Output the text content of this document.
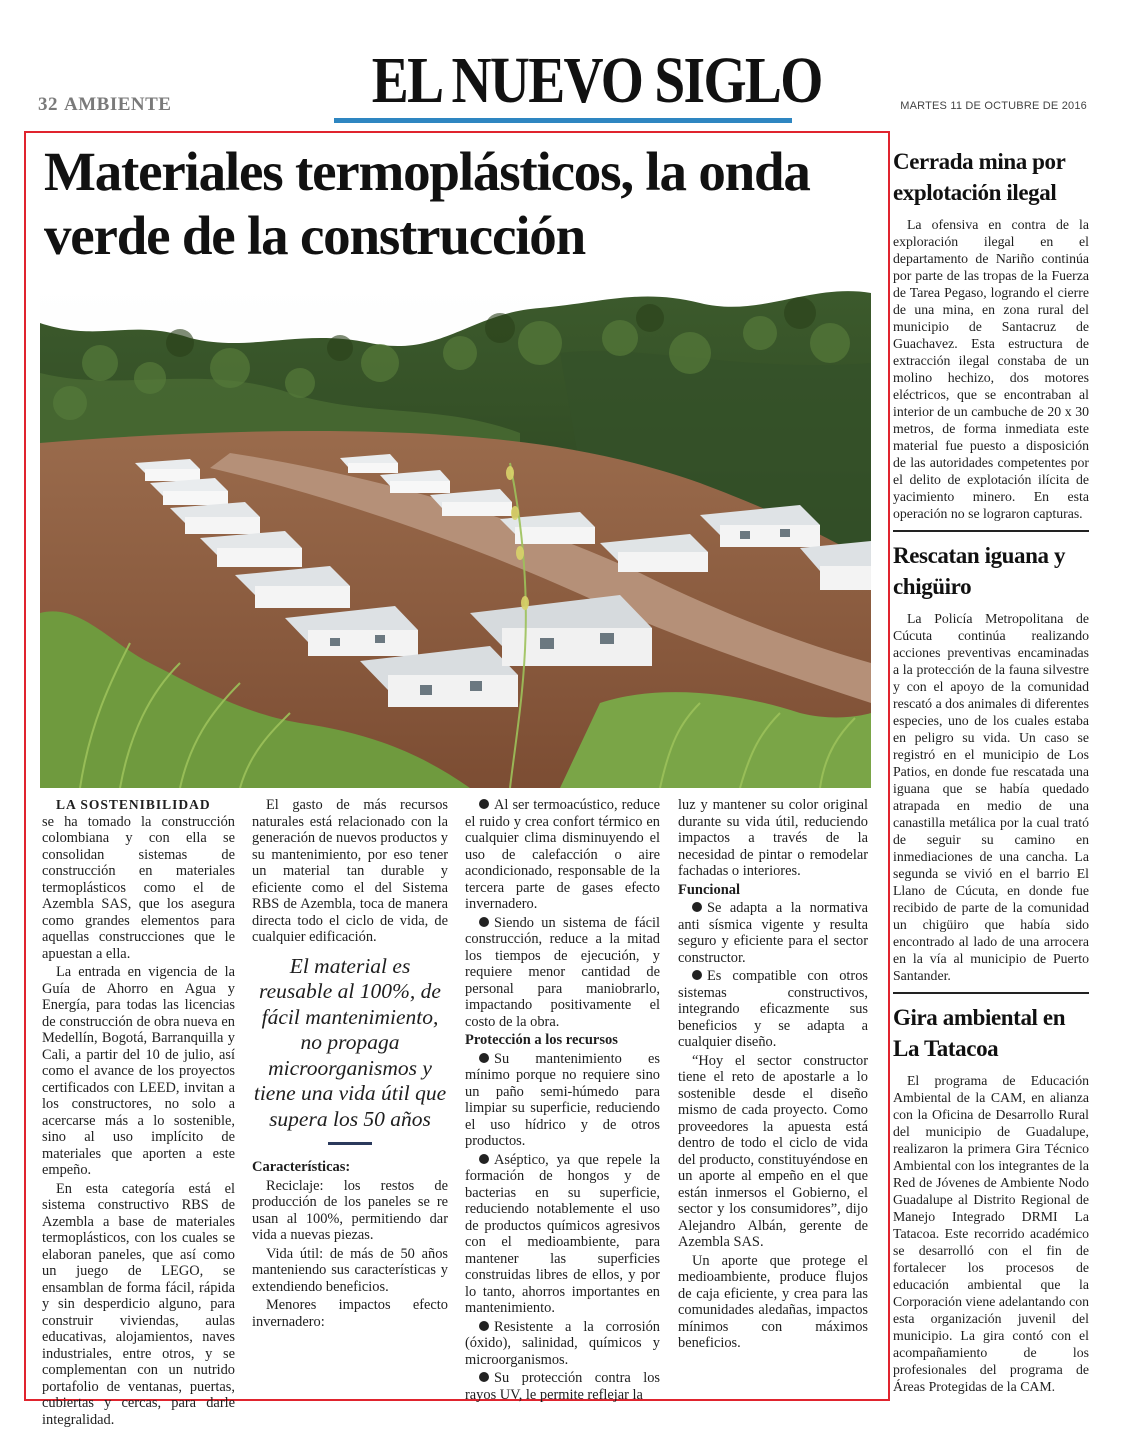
32 AMBIENTE	EL NUEVO SIGLO	MARTES 11 DE OCTUBRE DE 2016
Materiales termoplásticos, la onda verde de la construcción
LA SOSTENIBILIDAD

se ha tomado la construcción colombiana y con ella se consolidan sistemas de construcción en materiales termoplásticos como el de Azembla SAS, que los asegura como grandes elementos para aquellas construcciones que le apuestan a ella.

La entrada en vigencia de la Guía de Ahorro en Agua y Energía, para todas las licencias de construcción de obra nueva en Medellín, Bogotá, Barranquilla y Cali, a partir del 10 de julio, así como el avance de los proyectos certificados con LEED, invitan a los constructores, no solo a acercarse más a lo sostenible, sino al uso implícito de materiales que aporten a este empeño.

En esta categoría está el sistema constructivo RBS de Azembla a base de materiales termoplásticos, con los cuales se elaboran paneles, que así como un juego de LEGO, se ensamblan de forma fácil, rápida y sin desperdicio alguno, para construir viviendas, aulas educativas, alojamientos, naves industriales, entre otros, y se complementan con un nutrido portafolio de ventanas, puertas, cubiertas y cercas, para darle integralidad.

El gasto de más recursos naturales está relacionado con la generación de nuevos productos y su mantenimiento, por eso tener un material tan durable y eficiente como el del Sistema RBS de Azembla, toca de manera directa todo el ciclo de vida, de cualquier edificación.

El material es reusable al 100%, de fácil mantenimiento, no propaga microorganismos y tiene una vida útil que supera los 50 años

Características:

Reciclaje: los restos de producción de los paneles se re usan al 100%, permitiendo dar vida a nuevas piezas.

Vida útil: de más de 50 años manteniendo sus características y extendiendo beneficios.

Menores impactos efecto invernadero:

Al ser termoacústico, reduce el ruido y crea confort térmico en cualquier clima disminuyendo el uso de calefacción o aire acondicionado, responsable de la tercera parte de gases efecto invernadero.

Siendo un sistema de fácil construcción, reduce a la mitad los tiempos de ejecución, y requiere menor cantidad de personal para maniobrarlo, impactando positivamente el costo de la obra.

Protección a los recursos

Su mantenimiento es mínimo porque no requiere sino un paño semi-húmedo para limpiar su superficie, reduciendo el uso hídrico y de otros productos.

Aséptico, ya que repele la formación de hongos y de bacterias en su superficie, reduciendo notablemente el uso de productos químicos agresivos con el medioambiente, para mantener las superficies construidas libres de ellos, y por lo tanto, ahorros importantes en mantenimiento.

Resistente a la corrosión (óxido), salinidad, químicos y microorganismos.

Su protección contra los rayos UV, le permite reflejar la

luz y mantener su color original durante su vida útil, reduciendo impactos a través de la necesidad de pintar o remodelar fachadas o interiores.

Funcional

Se adapta a la normativa anti sísmica vigente y resulta seguro y eficiente para el sector constructor.

Es compatible con otros sistemas constructivos, integrando eficazmente sus beneficios y se adapta a cualquier diseño.

“Hoy el sector constructor tiene el reto de apostarle a lo sostenible desde el diseño mismo de cada proyecto. Como proveedores la apuesta está dentro de todo el ciclo de vida del producto, constituyéndose en un aporte al empeño en el que están inmersos el Gobierno, el sector y los consumidores”, dijo Alejandro Albán, gerente de Azembla SAS.

Un aporte que protege el medioambiente, produce flujos de caja eficiente, y crea para las comunidades aledañas, impactos mínimos con máximos beneficios.

Cerrada mina por explotación ilegal

La ofensiva en contra de la exploración ilegal en el departamento de Nariño continúa por parte de las tropas de la Fuerza de Tarea Pegaso, logrando el cierre de una mina, en zona rural del municipio de Santacruz de Guachavez. Esta estructura de extracción ilegal constaba de un molino hechizo, dos motores eléctricos, que se encontraban al interior de un cambuche de 20 x 30 metros, de forma inmediata este material fue puesto a disposición de las autoridades competentes por el delito de explotación ilícita de yacimiento minero. En esta operación no se lograron capturas.

Rescatan iguana y chigüiro

La Policía Metropolitana de Cúcuta continúa realizando acciones preventivas encaminadas a la protección de la fauna silvestre y con el apoyo de la comunidad rescató a dos animales di diferentes especies, uno de los cuales estaba en peligro su vida. Un caso se registró en el municipio de Los Patios, en donde fue rescatada una iguana que se había quedado atrapada en medio de una canastilla metálica por la cual trató de seguir su camino en inmediaciones de una cancha. La segunda se vivió en el barrio El Llano de Cúcuta, en donde fue recibido de parte de la comunidad un chigüiro que había sido encontrado al lado de una arrocera en la vía al municipio de Puerto Santander.

Gira ambiental en La Tatacoa

El programa de Educación Ambiental de la CAM, en alianza con la Oficina de Desarrollo Rural del municipio de Guadalupe, realizaron la primera Gira Técnico Ambiental con los integrantes de la Red de Jóvenes de Ambiente Nodo Guadalupe al Distrito Regional de Manejo Integrado DRMI La Tatacoa. Este recorrido académico se desarrolló con el fin de fortalecer los procesos de educación ambiental que la Corporación viene adelantando con esta organización juvenil del municipio. La gira contó con el acompañamiento de los profesionales del programa de Áreas Protegidas de la CAM.
